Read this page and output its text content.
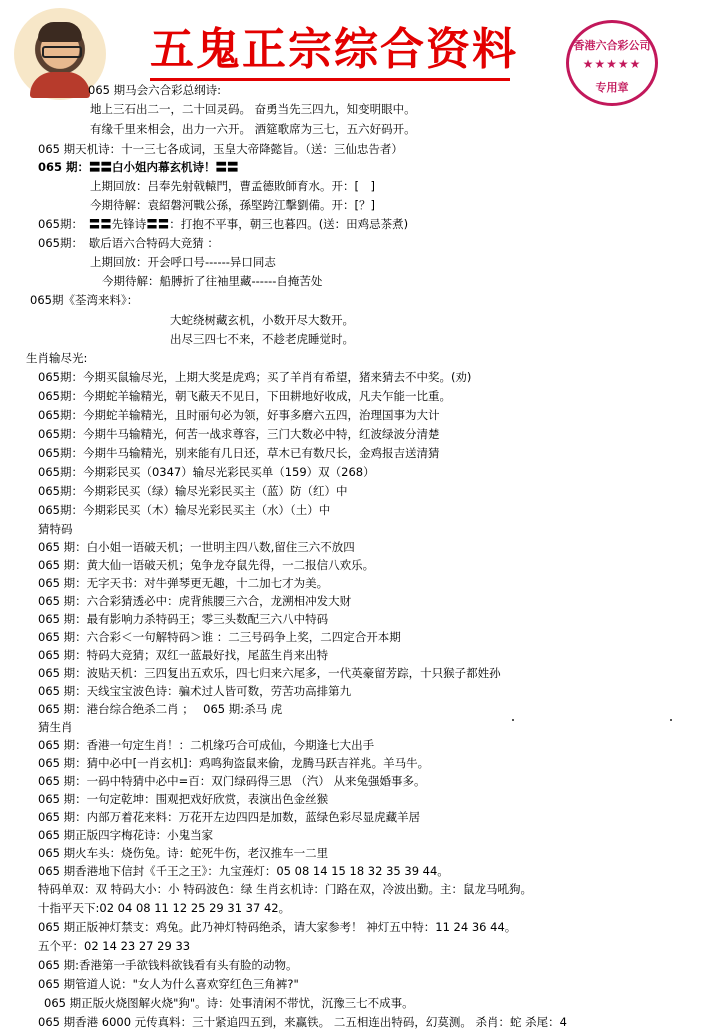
五鬼正宗综合资料	香港六合彩公司
★★★★★
专用章
065 期马会六合彩总纲诗:
地上三石出二一，二十回灵码。 奋勇当先三四九，知变明眼中。
有缘千里来相会，出力一六开。 酒筵歌席为三七，五六好码开。
065 期天机诗：十一三七各成词，玉皇大帝降懿旨。（送：三仙忠告者）
065 期：〓〓白小姐内幕玄机诗！〓〓
上期回放：吕奉先射戟轅門，曹孟德敗師育水。开：[　]
今期待解：袁紹磐河戰公孫，孫堅跨江擊劉備。开：[？]
065期：　〓〓先锋诗〓〓：打抱不平事，朝三也暮四。(送：田鸡忌茶煮)
065期：　歇后语六合特码大竞猜 ：
上期回放：开会呼口号------异口同志
今期待解：船膊折了往袖里藏------自掩苦处
065期《荃湾来料》：
大蛇绕树藏玄机，小数开尽大数开。
出尽三四七不来，不趁老虎睡觉时。
生肖输尽光:
065期：今期买鼠输尽光，上期大奖是虎鸡；买了羊肖有希望，猪来猜去不中奖。(劝)
065期：今期蛇羊输精光，朝飞蔽天不见日，下田耕地好收成，凡夫乍能一比重。
065期：今期蛇羊输精光，且时丽句必为领，好事多磨六五四，治理国事为大计
065期：今期牛马输精光，何苦一战求尊容，三门大数必中特，红波绿波分清楚
065期：今期牛马输精光，别来能有几日还，草木已有数尺长，金鸡报吉送清猜
065期：今期彩民买（0347）输尽光彩民买单（159）双（268）
065期：今期彩民买（绿）输尽光彩民买主（蓝）防（红）中
065期：今期彩民买（木）输尽光彩民买主（水）（土）中
猜特码
065 期：白小姐一语破天机；一世明主四八数,留住三六不放四
065 期：黄大仙一语破天机；兔争龙夺鼠先得，一二报信八欢乐。
065 期：无字天书：对牛弹琴更无趣，十二加七才为美。
065 期：六合彩猜透必中：虎背熊腰三六合，龙溯相冲发大财
065 期：最有影响力杀特码王；零三头数配三六八中特码
065 期：六合彩＜一句解特码＞谁 ：二三号码争上奖，二四定合开本期
065 期：特码大竞猜；双红一蓝最好找，尾蓝生肖来出特
065 期：波贴天机：三四复出五欢乐，四七归来六尾多，一代英豪留芳踪，十只猴子都姓孙
065 期：天线宝宝波色诗：骗术过人皆可数，劳苦功高排第九
065 期：港台综合绝杀二肖 ；　 065 期:杀马 虎
猜生肖
065 期：香港一句定生肖！：二机缘巧合可成仙，今期逢七大出手
065 期：猜中必中[一肖玄机]：鸡鸣狗盗鼠来偷，龙腾马跃吉祥兆。羊马牛。
065 期：一码中特猜中必中=百：双门绿码得三思 （汽） 从来兔强婚事多。
065 期：一句定乾坤：围观把戏好欣赏，表演出色金丝猴
065 期：内部万着花来料：万花开左边四四是加数，蓝绿色彩尽显虎藏羊居
065 期正版四字梅花诗：小鬼当家
065 期火车头：烧伤兔。诗：蛇死牛伤，老汉推车一二里
065 期香港地下信封《千王之王》：九宝莲灯：05 08 14 15 18 32 35 39 44。
特码单双：双 特码大小：小 特码波色：绿 生肖玄机诗：门路在双，冷波出勤。主：鼠龙马吼狗。
十指平天下:02 04 08 11 12 25 29 31 37 42。
065 期正版神灯禁支：鸡兔。此乃神灯特码绝杀，请大家参考！ 神灯五中特：11 24 36 44。
五个平：02 14 23 27 29 33
065 期:香港第一手欲钱料欲钱看有头有脸的动物。
065 期管道人说："女人为什么喜欢穿红色三角裤?"
065 期正版火烧图解火烧"狗"。诗：处事清闲不带忧，沉豫三七不成事。
065 期香港 6000 元传真料：三十紧追四五到，来赢铁。 二五相连出特码，幻莫测。 杀肖：蛇 杀尾：4
